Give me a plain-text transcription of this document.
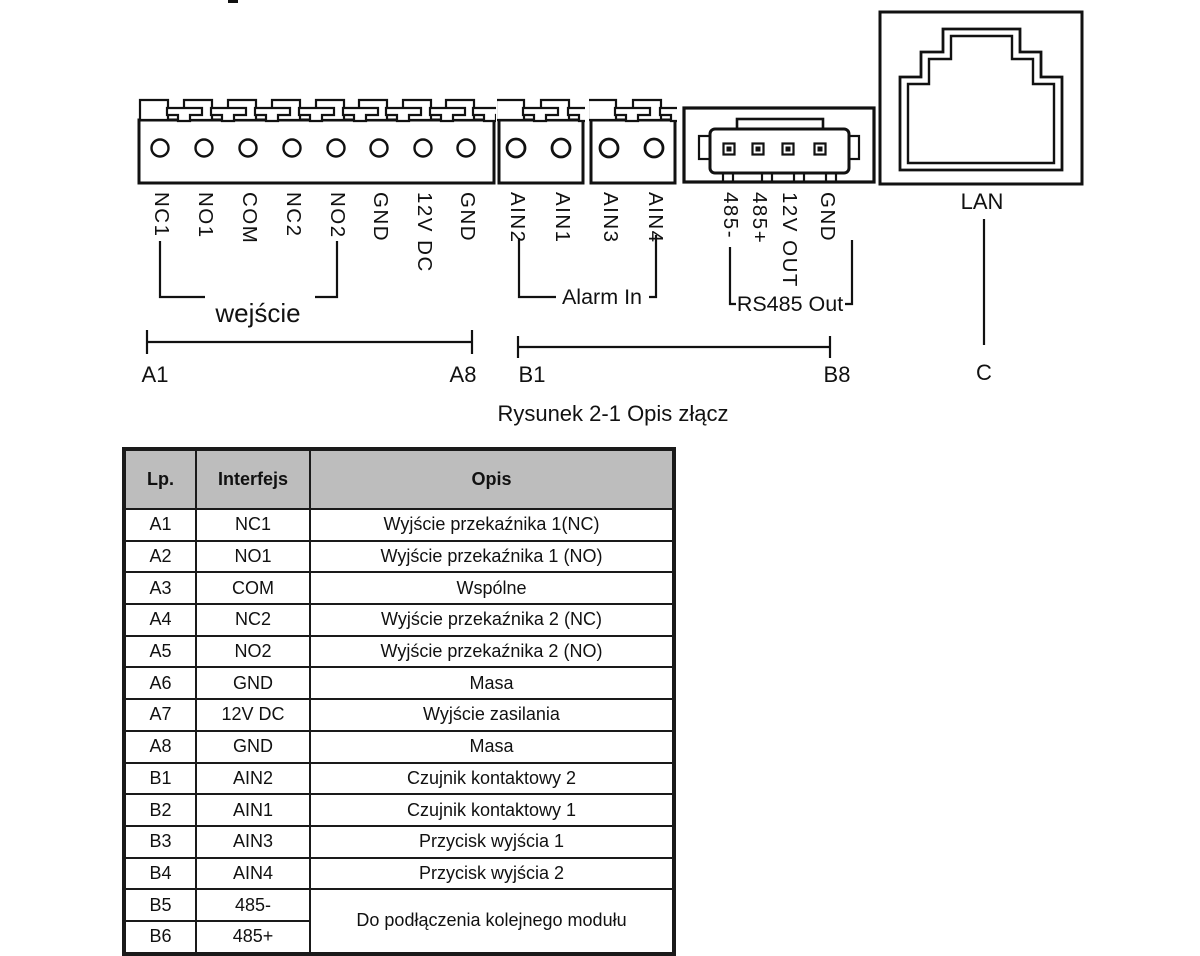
NC1 NO1 COM NC2 NO2 GND 12V DC GND
wejście
AIN2 AIN1 AIN3 AIN4
Alarm In
485- 485+ 12V OUT GND
RS485 Out
LAN
A1	A8 B1	B8	C
Rysunek 2-1 Opis złącz
Lp.	Interfejs	Opis
A1	NC1	Wyjście przekaźnika 1(NC)
A2	NO1	Wyjście przekaźnika 1 (NO)
A3	COM	Wspólne
A4	NC2	Wyjście przekaźnika 2 (NC)
A5	NO2	Wyjście przekaźnika 2 (NO)
A6	GND	Masa
A7	12V DC	Wyjście zasilania
A8	GND	Masa
B1	AIN2	Czujnik kontaktowy 2
B2	AIN1	Czujnik kontaktowy 1
B3	AIN3	Przycisk wyjścia 1
B4	AIN4	Przycisk wyjścia 2
B5	485-	Do podłączenia kolejnego modułu
B6	485+	
